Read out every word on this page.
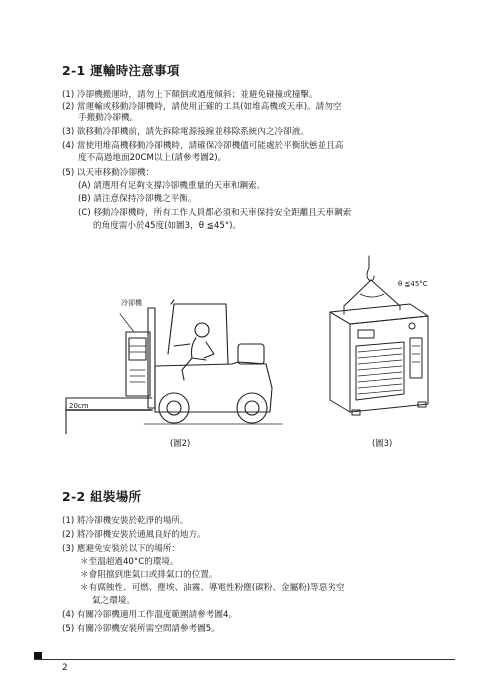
2-1 運輸時注意事項
(1) 冷卻機搬運時，請勿上下顛倒或過度傾斜；並避免碰撞或撞擊。
(2) 當運輸或移動冷卻機時，請使用正確的工具(如堆高機或天車)。請勿空
手搬動冷卻機。
(3) 欲移動冷卻機前，請先拆除電源接線並移除系統內之冷卻液。
(4) 當使用堆高機移動冷卻機時，請確保冷卻機儘可能處於平衡狀態並且高
度不高過地面20CM以上(請參考圖2)。
(5) 以天車移動冷卻機：
(A) 請選用有足夠支撐冷卻機重量的天車和鋼索。
(B) 請注意保持冷卻機之平衡。
(C) 移動冷卻機時，所有工作人員都必須和天車保持安全距離且天車鋼索
的角度需小於45度(如圖3，θ ≦45°)。
冷卻機
20cm
(圖2)
θ ≦45°C
(圖3)
2-2 組裝場所
(1) 將冷卻機安裝於乾淨的場所。
(2) 將冷卻機安裝於通風良好的地方。
(3) 應避免安裝於以下的場所：
＊至溫超過40°C的環境。
＊會阻擋到進氣口或排氣口的位置。
＊有腐蝕性、可燃、塵埃、油霧、導電性粉塵(碳粉、金屬粉)等惡劣空
氣之環境。
(4) 有關冷卻機適用工作溫度範圍請參考圖4。
(5) 有關冷卻機安裝所需空間請參考圖5。
2
